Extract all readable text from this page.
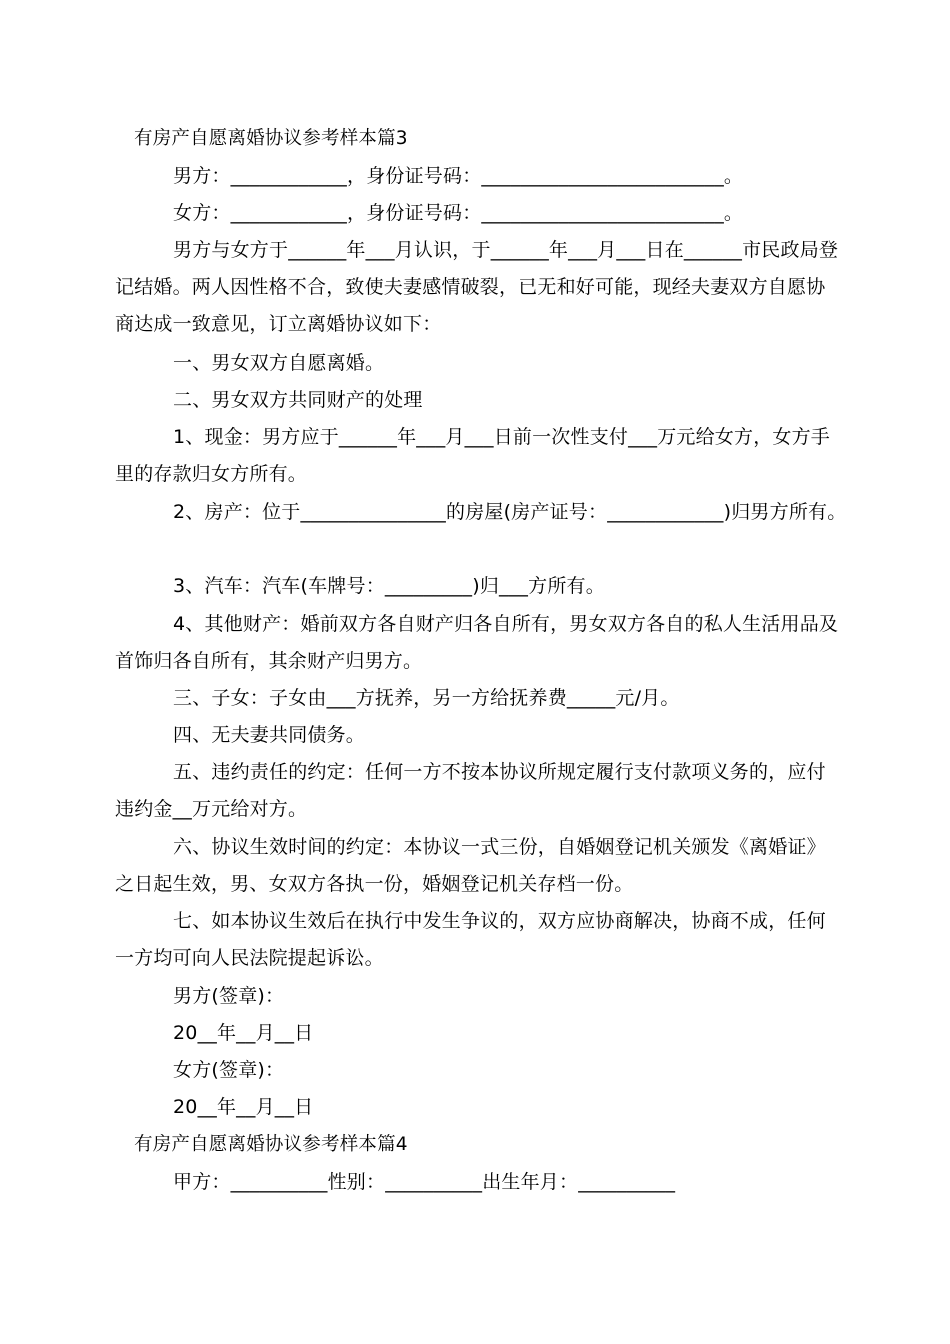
有房产自愿离婚协议参考样本篇3
男方：____________，身份证号码：_________________________。
女方：____________，身份证号码：_________________________。
男方与女方于______年___月认识，于______年___月___日在______市民政局登
记结婚。两人因性格不合，致使夫妻感情破裂，已无和好可能，现经夫妻双方自愿协
商达成一致意见，订立离婚协议如下：
一、男女双方自愿离婚。
二、男女双方共同财产的处理
1、现金：男方应于______年___月___日前一次性支付___万元给女方，女方手
里的存款归女方所有。
2、房产：位于_______________的房屋(房产证号：____________)归男方所有。
3、汽车：汽车(车牌号：_________)归___方所有。
4、其他财产：婚前双方各自财产归各自所有，男女双方各自的私人生活用品及
首饰归各自所有，其余财产归男方。
三、子女：子女由___方抚养，另一方给抚养费_____元/月。
四、无夫妻共同债务。
五、违约责任的约定：任何一方不按本协议所规定履行支付款项义务的，应付
违约金__万元给对方。
六、协议生效时间的约定：本协议一式三份，自婚姻登记机关颁发《离婚证》
之日起生效，男、女双方各执一份，婚姻登记机关存档一份。
七、如本协议生效后在执行中发生争议的，双方应协商解决，协商不成，任何
一方均可向人民法院提起诉讼。
男方(签章)：
20__年__月__日
女方(签章)：
20__年__月__日
有房产自愿离婚协议参考样本篇4
甲方：__________性别：__________出生年月：__________
